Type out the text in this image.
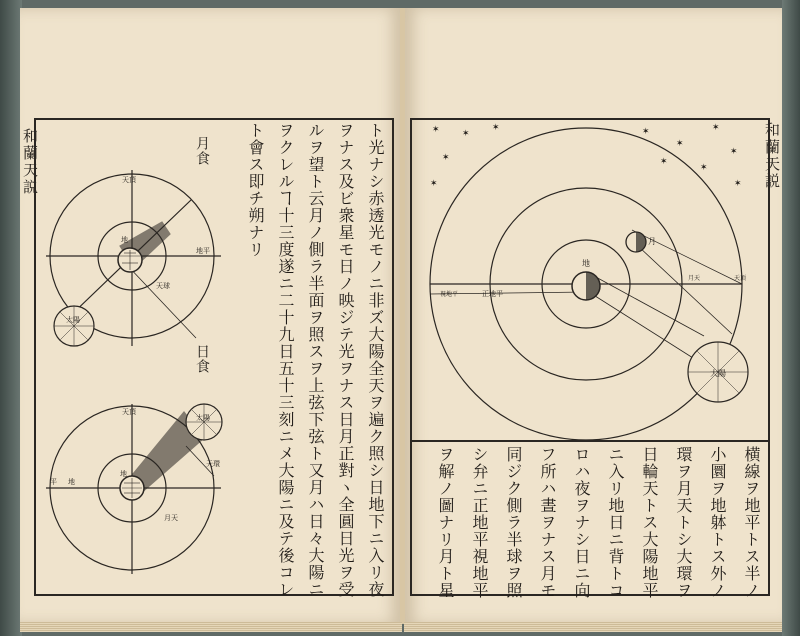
和蘭天説	ト光ナシ赤透光モノニ非ズ大陽全天ヲ遍ク照シ日地下ニ入リ夜
ヲナス及ビ衆星モ日ノ映ジテ光ヲナス日月正對ヽ全圓日光ヲ受
ルヲ望ト云月ノ側ラ半面ヲ照スヲ上弦下弦ト又月ハ日々大陽ニ
ヲクレルヿ十三度遂ニ二十九日五十三刻ニメ大陽ニ及テ後コレ
ト會ス即チ朔ナリ
月食
日食
天頂
地
地平
太陽
天球
天頂
地
平 地
太陽
天環
月天
和蘭天説
✶ ✶
✶
✶
✶
✶
✶
✶
✶
✶
✶
✶
月
地
大陽
正地平
視地平
天頂
月天
横線ヲ地平トス半ノ
小圜ヲ地躰トス外ノ
環ヲ月天トシ大環ヲ
日輪天トス大陽地平
ニ入リ地日ニ背トコ
ロハ夜ヲナシ日ニ向
フ所ハ晝ヲナス月モ
同ジク側ラ半球ヲ照
シ弁ニ正地平視地平
ヲ解ノ圖ナリ月ト星
